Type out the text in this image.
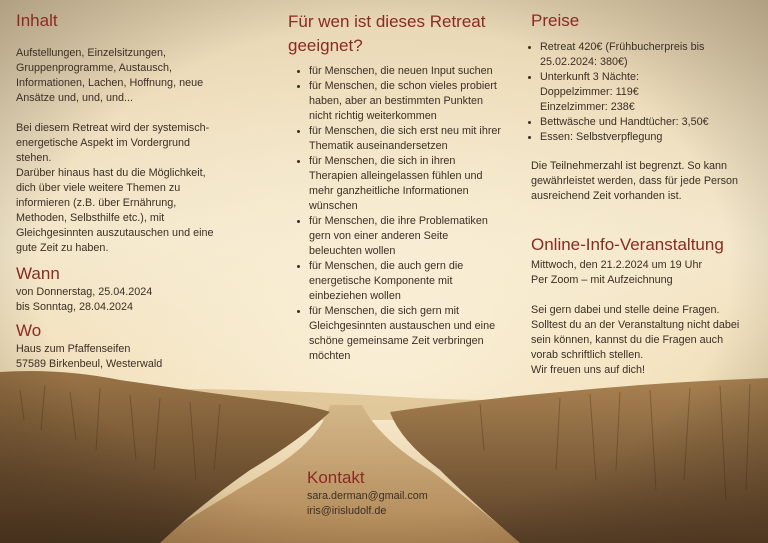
Inhalt
Aufstellungen, Einzelsitzungen,
Gruppenprogramme, Austausch,
Informationen, Lachen, Hoffnung, neue
Ansätze und, und, und...
Bei diesem Retreat wird der systemisch-
energetische Aspekt im Vordergrund
stehen.
Darüber hinaus hast du die Möglichkeit,
dich über viele weitere Themen zu
informieren (z.B. über Ernährung,
Methoden, Selbsthilfe etc.), mit
Gleichgesinnten auszutauschen und eine
gute Zeit zu haben.
Wann
von Donnerstag, 25.04.2024
bis Sonntag, 28.04.2024
Wo
Haus zum Pfaffenseifen
57589 Birkenbeul, Westerwald
Für wen ist dieses Retreat
geeignet?
• für Menschen, die neuen Input suchen
• für Menschen, die schon vieles probiert
haben, aber an bestimmten Punkten
nicht richtig weiterkommen
• für Menschen, die sich erst neu mit ihrer
Thematik auseinandersetzen
• für Menschen, die sich in ihren
Therapien alleingelassen fühlen und
mehr ganzheitliche Informationen
wünschen
• für Menschen, die ihre Problematiken
gern von einer anderen Seite
beleuchten wollen
• für Menschen, die auch gern die
energetische Komponente mit
einbeziehen wollen
• für Menschen, die sich gern mit
Gleichgesinnten austauschen und eine
schöne gemeinsame Zeit verbringen
möchten
Preise
• Retreat 420€ (Frühbucherpreis bis
25.02.2024: 380€)
• Unterkunft 3 Nächte:
Doppelzimmer: 119€
Einzelzimmer: 238€
• Bettwäsche und Handtücher: 3,50€
• Essen: Selbstverpflegung
Die Teilnehmerzahl ist begrenzt. So kann
gewährleistet werden, dass für jede Person
ausreichend Zeit vorhanden ist.
Online-Info-Veranstaltung
Mittwoch, den 21.2.2024 um 19 Uhr
Per Zoom – mit Aufzeichnung
Sei gern dabei und stelle deine Fragen.
Solltest du an der Veranstaltung nicht dabei
sein können, kannst du die Fragen auch
vorab schriftlich stellen.
Wir freuen uns auf dich!
Kontakt
sara.derman@gmail.com
iris@irisludolf.de
